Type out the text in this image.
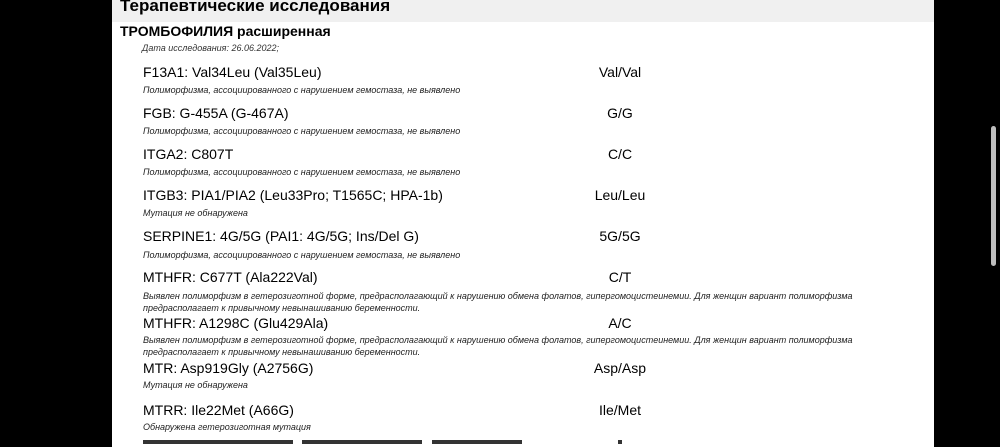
Терапевтические исследования
ТРОМБОФИЛИЯ расширенная
Дата исследования: 26.06.2022;
F13A1: Val34Leu (Val35Leu)	Val/Val
Полиморфизма, ассоциированного с нарушением гемостаза, не выявлено
FGB: G-455A (G-467A)	G/G
Полиморфизма, ассоциированного с нарушением гемостаза, не выявлено
ITGA2: C807T	C/C
Полиморфизма, ассоциированного с нарушением гемостаза, не выявлено
ITGB3: PIA1/PIA2 (Leu33Pro; T1565C; HPA-1b)	Leu/Leu
Мутация не обнаружена
SERPINE1: 4G/5G (PAI1: 4G/5G; Ins/Del G)	5G/5G
Полиморфизма, ассоциированного с нарушением гемостаза, не выявлено
MTHFR: C677T (Ala222Val)	C/T
Выявлен полиморфизм в гетерозиготной форме, предрасполагающий к нарушению обмена фолатов, гипергомоцистеинемии. Для женщин вариант полиморфизма предрасполагает к привычному невынашиванию беременности.
MTHFR: A1298C (Glu429Ala)	A/C
Выявлен полиморфизм в гетерозиготной форме, предрасполагающий к нарушению обмена фолатов, гипергомоцистеинемии. Для женщин вариант полиморфизма предрасполагает к привычному невынашиванию беременности.
MTR: Asp919Gly (A2756G)	Asp/Asp
Мутация не обнаружена
MTRR: Ile22Met (A66G)	Ile/Met
Обнаружена гетерозиготная мутация
